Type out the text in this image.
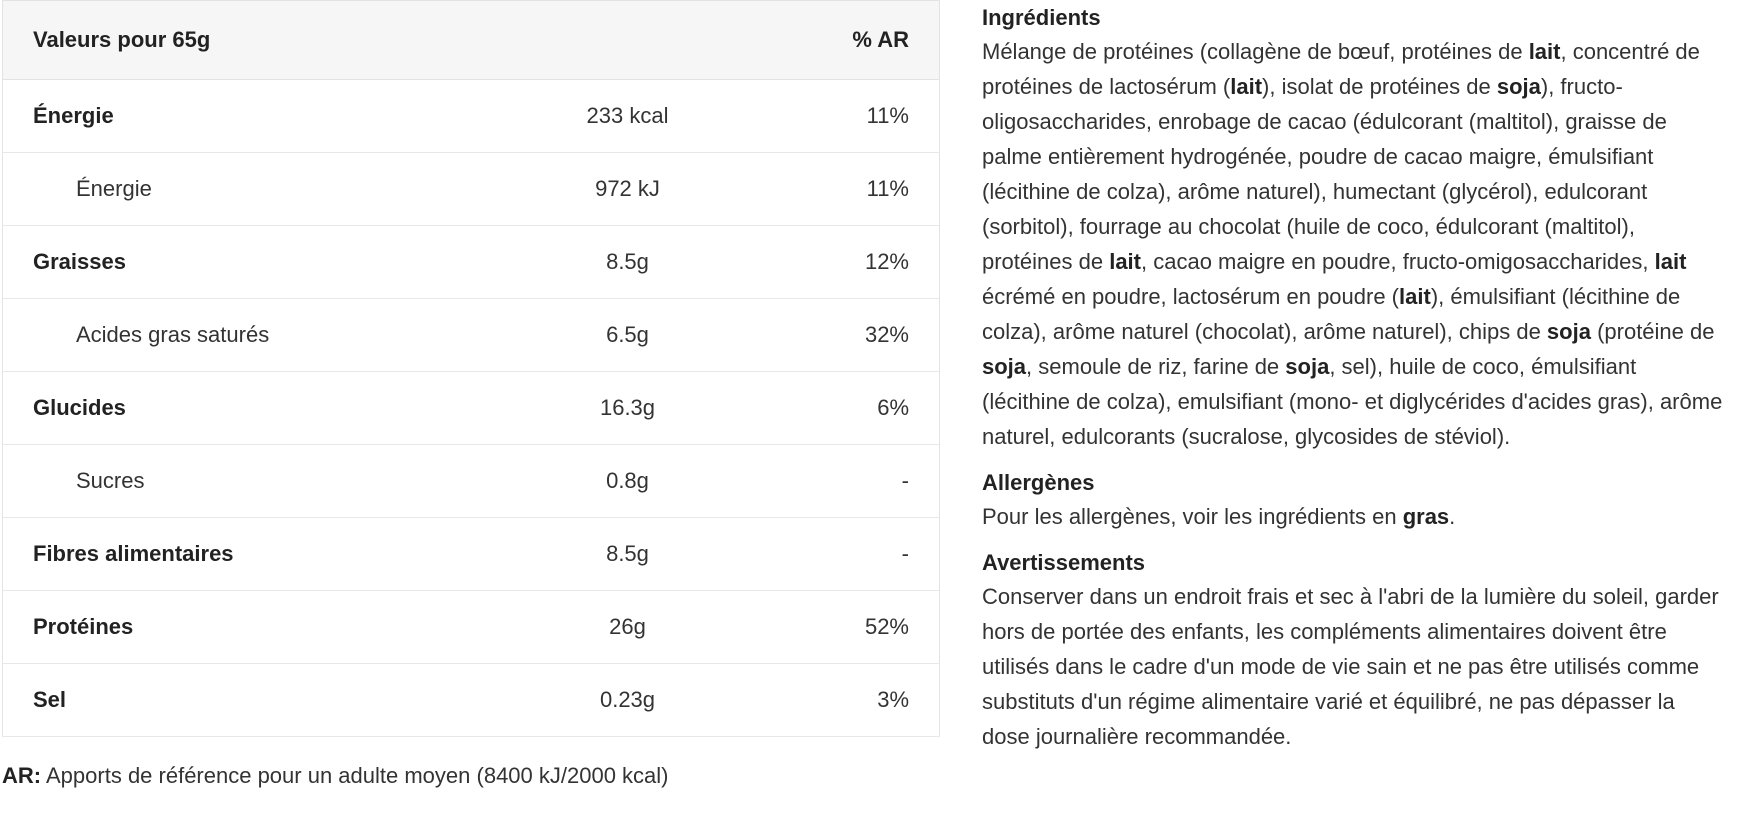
Valeurs pour 65g		% AR
Énergie	233 kcal	11%
Énergie	972 kJ	11%
Graisses	8.5g	12%
Acides gras saturés	6.5g	32%
Glucides	16.3g	6%
Sucres	0.8g	-
Fibres alimentaires	8.5g	-
Protéines	26g	52%
Sel	0.23g	3%
AR: Apports de référence pour un adulte moyen (8400 kJ/2000 kcal)
Ingrédients

Mélange de protéines (collagène de bœuf, protéines de lait, concentré de protéines de lactosérum (lait), isolat de protéines de soja), fructo-oligosaccharides, enrobage de cacao (édulcorant (maltitol), graisse de palme entièrement hydrogénée, poudre de cacao maigre, émulsifiant (lécithine de colza), arôme naturel), humectant (glycérol), edulcorant (sorbitol), fourrage au chocolat (huile de coco, édulcorant (maltitol), protéines de lait, cacao maigre en poudre, fructo-omigosaccharides, lait écrémé en poudre, lactosérum en poudre (lait), émulsifiant (lécithine de colza), arôme naturel (chocolat), arôme naturel), chips de soja (protéine de soja, semoule de riz, farine de soja, sel), huile de coco, émulsifiant (lécithine de colza), emulsifiant (mono- et diglycérides d'acides gras), arôme naturel, edulcorants (sucralose, glycosides de stéviol).

Allergènes

Pour les allergènes, voir les ingrédients en gras.

Avertissements

Conserver dans un endroit frais et sec à l'abri de la lumière du soleil, garder hors de portée des enfants, les compléments alimentaires doivent être utilisés dans le cadre d'un mode de vie sain et ne pas être utilisés comme substituts d'un régime alimentaire varié et équilibré, ne pas dépasser la dose journalière recommandée.
